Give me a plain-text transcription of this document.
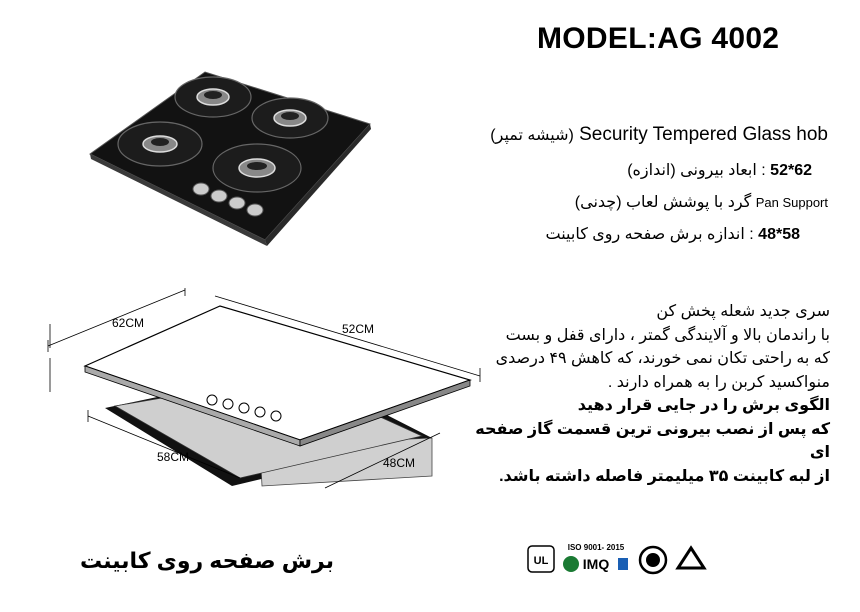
MODEL:AG 4002
(شیشه تمپر) Security Tempered Glass hob
52*62 : ابعاد بیرونی (اندازه)
(چدنی) گرد با پوشش لعاب Pan Support
48*58 : اندازه برش صفحه روی کابینت
62CM	52CM
58CM	48CM
سری جدید شعله پخش کن
با راندمان بالا و آلایندگی گمتر ، دارای قفل و بست
که به راحتی تکان نمی خورند، که کاهش ۴۹ درصدی
منواکسید کربن را به همراه دارند .
الگوی برش را در جایی قرار دهید
که پس از نصب بیرونی ترین قسمت گاز صفحه ای
از لبه کابینت ۳۵ میلیمتر فاصله داشته باشد.
برش صفحه روی کابینت	UL
ISO 9001- 2015
IMQ
